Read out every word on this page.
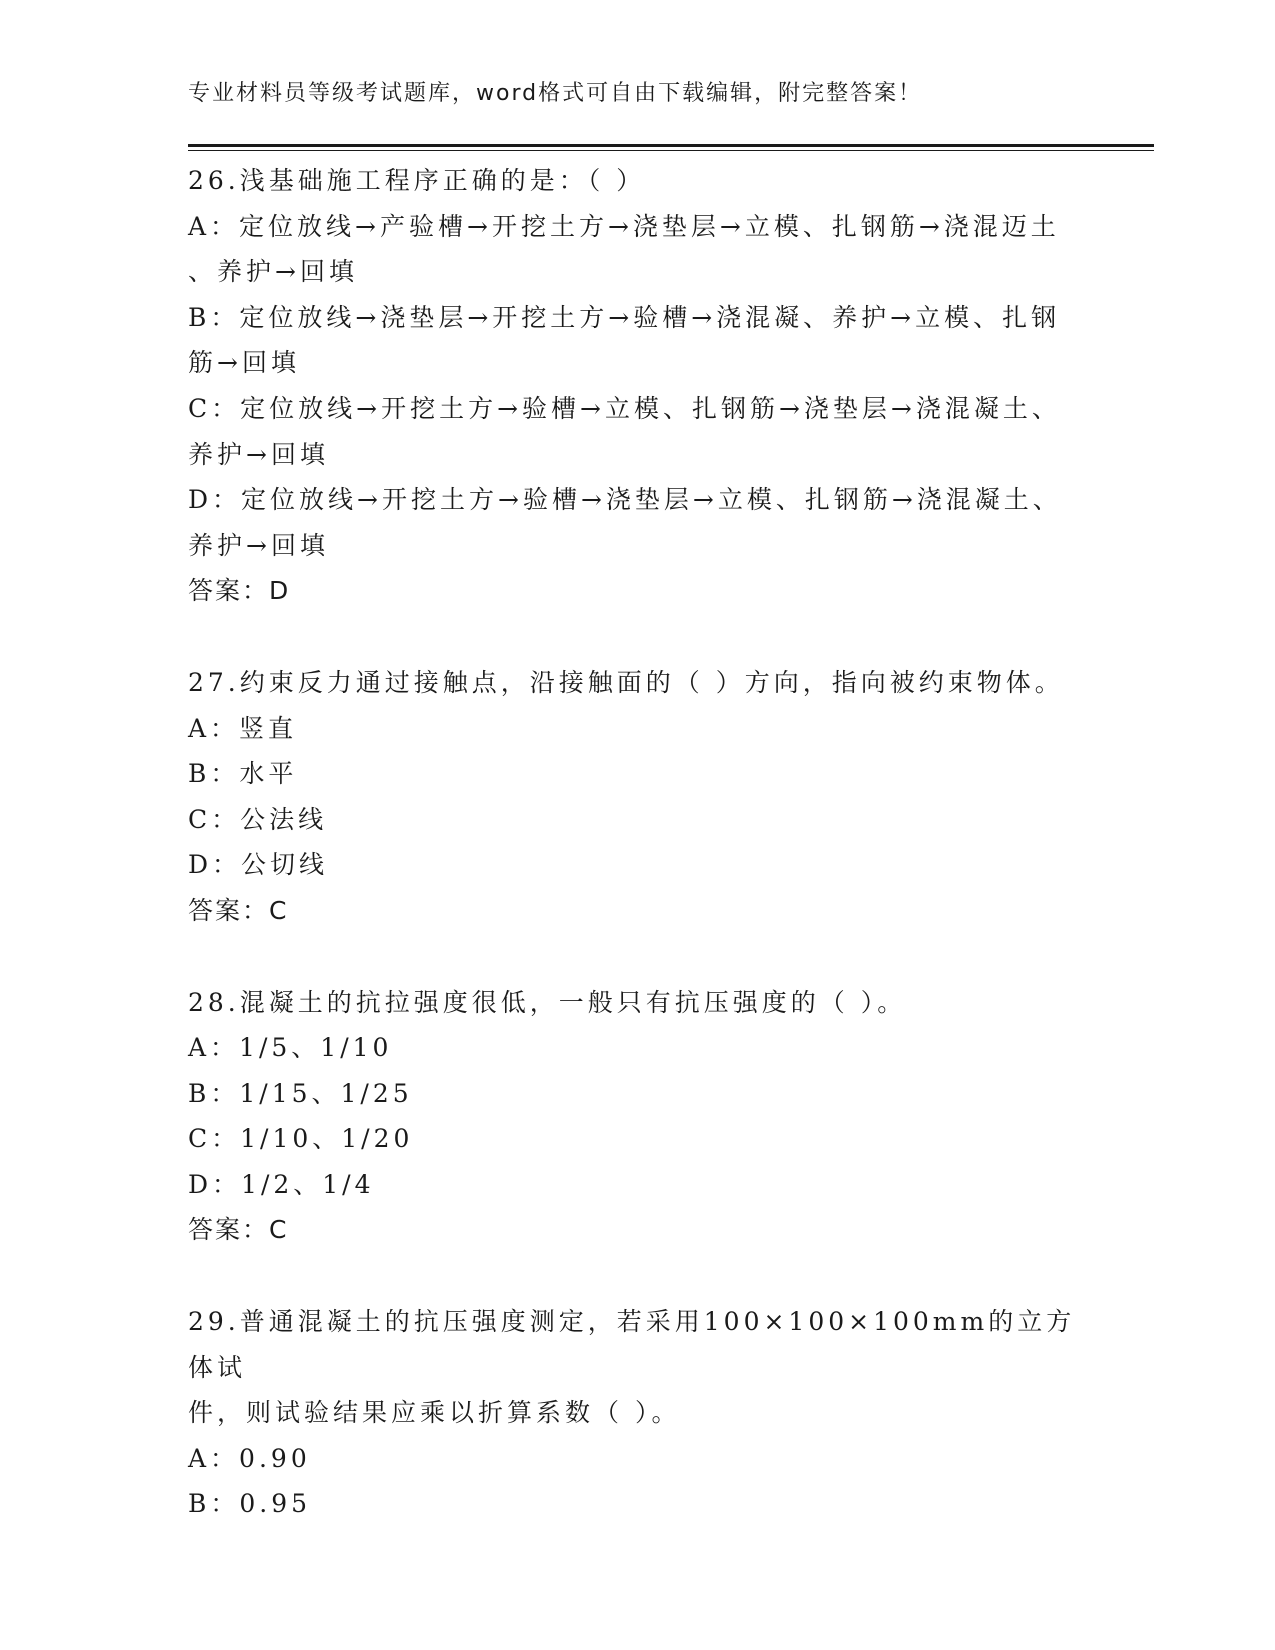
专业材料员等级考试题库，word格式可自由下载编辑，附完整答案！
26.浅基础施工程序正确的是：（ ）
A：定位放线→产验槽→开挖土方→浇垫层→立模、扎钢筋→浇混迈土
、养护→回填
B：定位放线→浇垫层→开挖土方→验槽→浇混凝、养护→立模、扎钢
筋→回填
C：定位放线→开挖土方→验槽→立模、扎钢筋→浇垫层→浇混凝土、
养护→回填
D：定位放线→开挖土方→验槽→浇垫层→立模、扎钢筋→浇混凝土、
养护→回填
答案：D
27.约束反力通过接触点，沿接触面的（ ）方向，指向被约束物体。
A：竖直
B：水平
C：公法线
D：公切线
答案：C
28.混凝土的抗拉强度很低，一般只有抗压强度的（ ）。
A：1/5、1/10
B：1/15、1/25
C：1/10、1/20
D：1/2、1/4
答案：C
29.普通混凝土的抗压强度测定，若采用100×100×100mm的立方体试
件，则试验结果应乘以折算系数（ ）。
A：0.90
B：0.95
